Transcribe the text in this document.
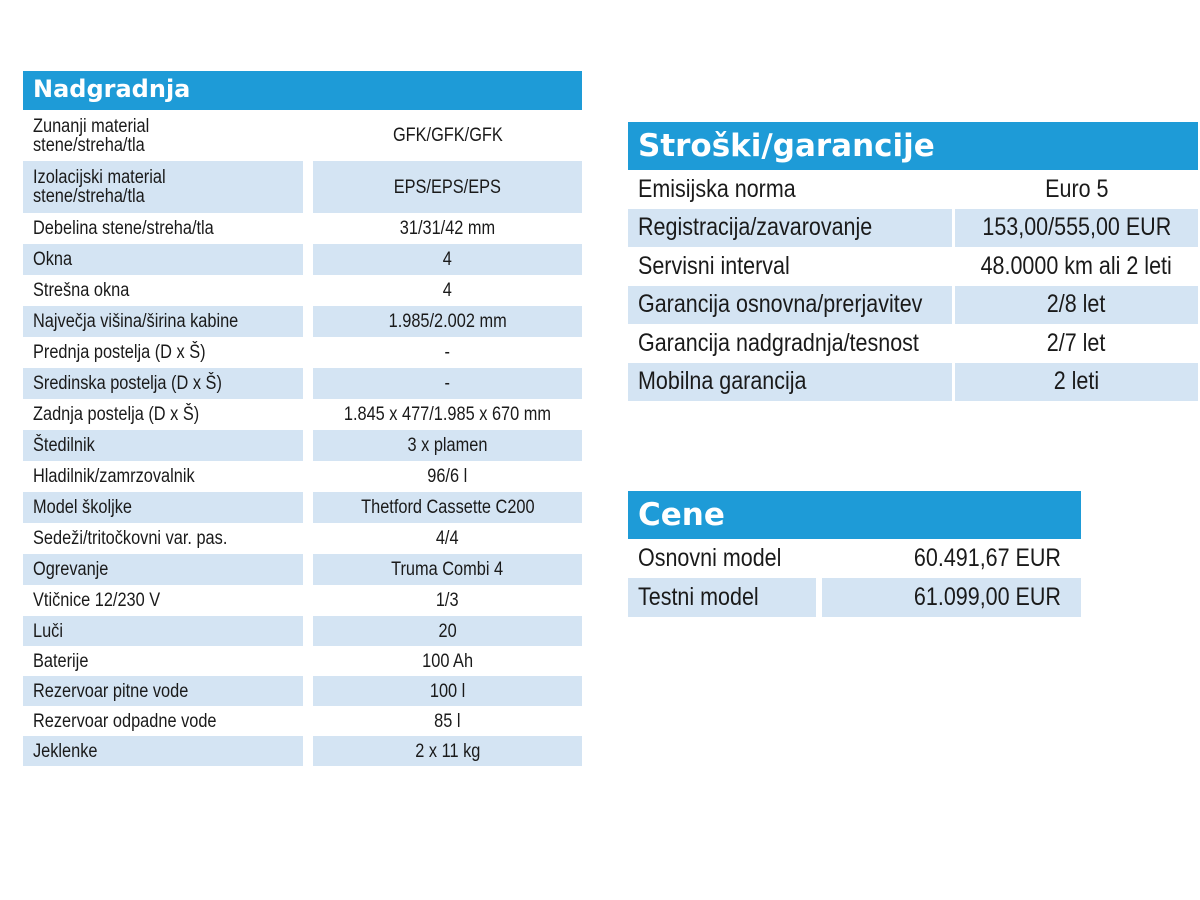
Nadgradnja
Zunanji material stene/streha/tla	GFK/GFK/GFK
Izolacijski material stene/streha/tla	EPS/EPS/EPS
Debelina stene/streha/tla	31/31/42 mm
Okna	4
Strešna okna	4
Največja višina/širina kabine	1.985/2.002 mm
Prednja postelja (D x Š)	-
Sredinska postelja (D x Š)	-
Zadnja postelja (D x Š)	1.845 x 477/1.985 x 670 mm
Štedilnik	3 x plamen
Hladilnik/zamrzovalnik	96/6 l
Model školjke	Thetford Cassette C200
Sedeži/tritočkovni var. pas.	4/4
Ogrevanje	Truma Combi 4
Vtičnice 12/230 V	1/3
Luči	20
Baterije	100 Ah
Rezervoar pitne vode	100 l
Rezervoar odpadne vode	85 l
Jeklenke	2 x 11 kg
Stroški/garancije
Emisijska norma	Euro 5
Registracija/zavarovanje	153,00/555,00 EUR
Servisni interval	48.0000 km ali 2 leti
Garancija osnovna/prerjavitev	2/8 let
Garancija nadgradnja/tesnost	2/7 let
Mobilna garancija	2 leti
Cene
Osnovni model	60.491,67 EUR
Testni model	61.099,00 EUR
